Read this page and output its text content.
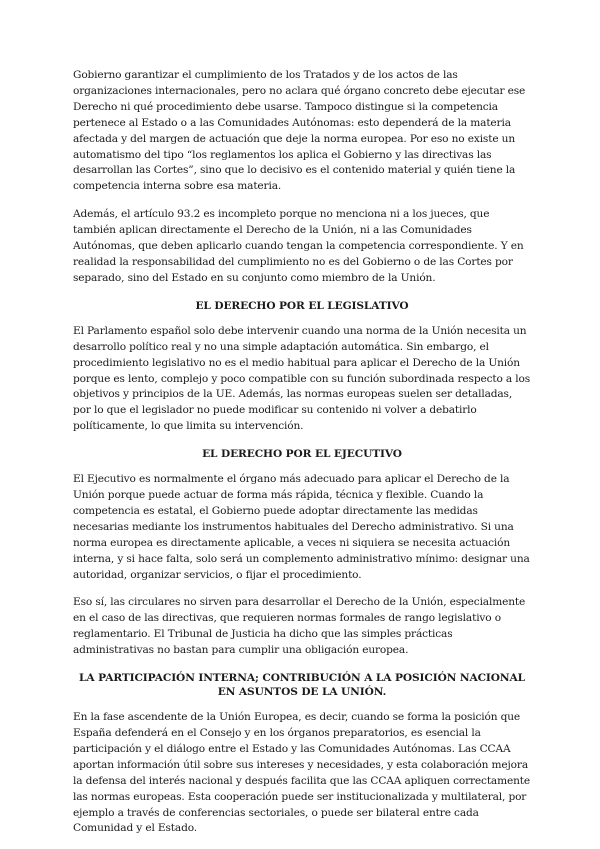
Gobierno garantizar el cumplimiento de los Tratados y de los actos de las organizaciones internacionales, pero no aclara qué órgano concreto debe ejecutar ese Derecho ni qué procedimiento debe usarse. Tampoco distingue si la competencia pertenece al Estado o a las Comunidades Autónomas: esto dependerá de la materia afectada y del margen de actuación que deje la norma europea. Por eso no existe un automatismo del tipo “los reglamentos los aplica el Gobierno y las directivas las desarrollan las Cortes”, sino que lo decisivo es el contenido material y quién tiene la competencia interna sobre esa materia.

Además, el artículo 93.2 es incompleto porque no menciona ni a los jueces, que también aplican directamente el Derecho de la Unión, ni a las Comunidades Autónomas, que deben aplicarlo cuando tengan la competencia correspondiente. Y en realidad la responsabilidad del cumplimiento no es del Gobierno o de las Cortes por separado, sino del Estado en su conjunto como miembro de la Unión.

EL DERECHO POR EL LEGISLATIVO

El Parlamento español solo debe intervenir cuando una norma de la Unión necesita un desarrollo político real y no una simple adaptación automática. Sin embargo, el procedimiento legislativo no es el medio habitual para aplicar el Derecho de la Unión porque es lento, complejo y poco compatible con su función subordinada respecto a los objetivos y principios de la UE. Además, las normas europeas suelen ser detalladas, por lo que el legislador no puede modificar su contenido ni volver a debatirlo políticamente, lo que limita su intervención.

EL DERECHO POR EL EJECUTIVO

El Ejecutivo es normalmente el órgano más adecuado para aplicar el Derecho de la Unión porque puede actuar de forma más rápida, técnica y flexible. Cuando la competencia es estatal, el Gobierno puede adoptar directamente las medidas necesarias mediante los instrumentos habituales del Derecho administrativo. Si una norma europea es directamente aplicable, a veces ni siquiera se necesita actuación interna, y si hace falta, solo será un complemento administrativo mínimo: designar una autoridad, organizar servicios, o fijar el procedimiento.

Eso sí, las circulares no sirven para desarrollar el Derecho de la Unión, especialmente en el caso de las directivas, que requieren normas formales de rango legislativo o reglamentario. El Tribunal de Justicia ha dicho que las simples prácticas administrativas no bastan para cumplir una obligación europea.

LA PARTICIPACIÓN INTERNA; CONTRIBUCIÓN A LA POSICIÓN NACIONAL EN ASUNTOS DE LA UNIÓN.

En la fase ascendente de la Unión Europea, es decir, cuando se forma la posición que España defenderá en el Consejo y en los órganos preparatorios, es esencial la participación y el diálogo entre el Estado y las Comunidades Autónomas. Las CCAA aportan información útil sobre sus intereses y necesidades, y esta colaboración mejora la defensa del interés nacional y después facilita que las CCAA apliquen correctamente las normas europeas. Esta cooperación puede ser institucionalizada y multilateral, por ejemplo a través de conferencias sectoriales, o puede ser bilateral entre cada Comunidad y el Estado.
